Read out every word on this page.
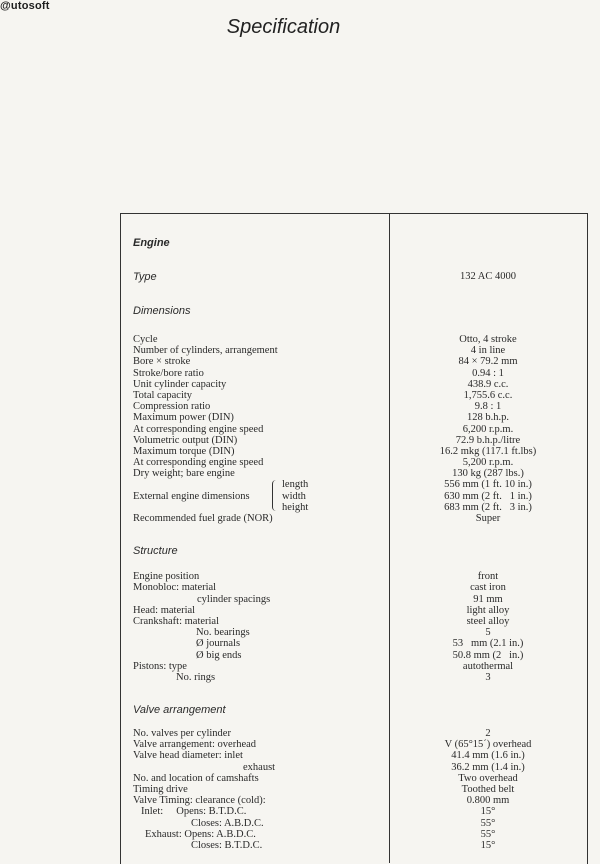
@utosoft
Specification
Engine
Type
Dimensions
Cycle
Number of cylinders, arrangement
Bore × stroke
Stroke/bore ratio
Unit cylinder capacity
Total capacity
Compression ratio
Maximum power (DIN)
At corresponding engine speed
Volumetric output (DIN)
Maximum torque (DIN)
At corresponding engine speed
Dry weight; bare engine
External engine dimensions
length
width
height
Recommended fuel grade (NOR)
Structure
Engine position
Monobloc: material
cylinder spacings
Head: material
Crankshaft: material
No. bearings
Ø journals
Ø big ends
Pistons: type
No. rings
Valve arrangement
No. valves per cylinder
Valve arrangement: overhead
Valve head diameter: inlet
exhaust
No. and location of camshafts
Timing drive
Valve Timing: clearance (cold):
Inlet:     Opens: B.T.D.C.
Closes: A.B.D.C.
Exhaust: Opens: A.B.D.C.
Closes: B.T.D.C.
132 AC 4000
Otto, 4 stroke
4 in line
84 × 79.2 mm
0.94 : 1
438.9 c.c.
1,755.6 c.c.
9.8 : 1
128 b.h.p.
6,200 r.p.m.
72.9 b.h.p./litre
16.2 mkg (117.1 ft.lbs)
5,200 r.p.m.
130 kg (287 lbs.)
556 mm (1 ft. 10 in.)
630 mm (2 ft.   1 in.)
683 mm (2 ft.   3 in.)
Super
front
cast iron
91 mm
light alloy
steel alloy
5
53   mm (2.1 in.)
50.8 mm (2   in.)
autothermal
3
2
V (65°15´) overhead
41.4 mm (1.6 in.)
36.2 mm (1.4 in.)
Two overhead
Toothed belt
0.800 mm
15°
55°
55°
15°
